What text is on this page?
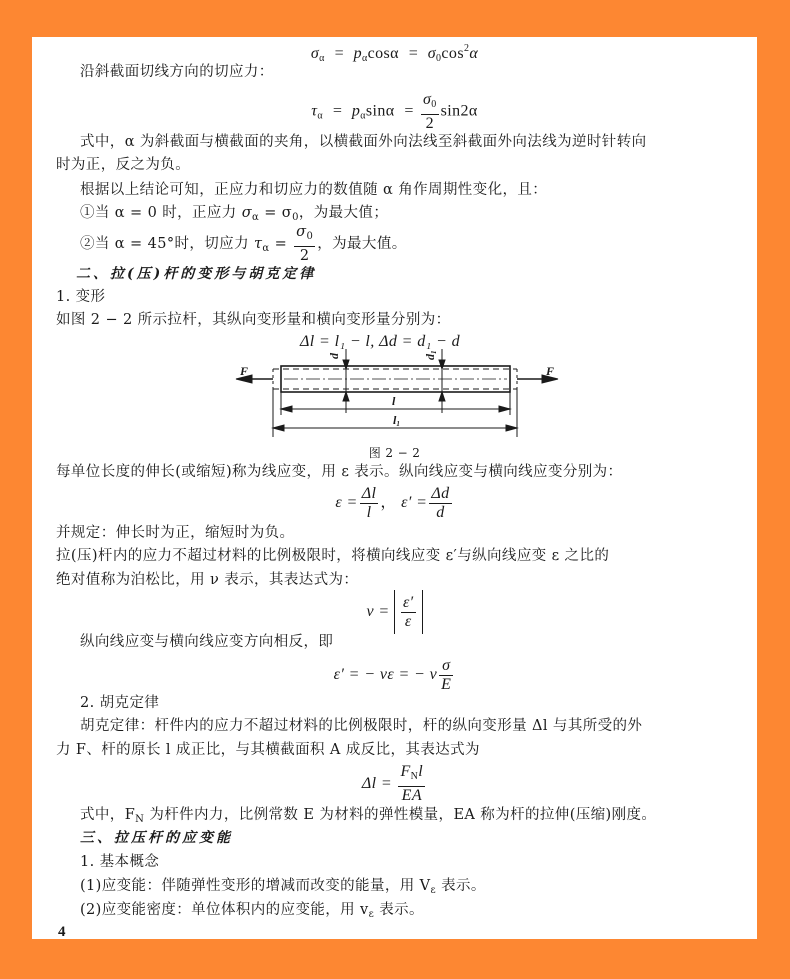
$\sigma_\alpha = p_\alpha\cos\alpha = \sigma_0\cos^2\alpha$
沿斜截面切线方向的切应力：
$\tau_\alpha = p_\alpha\sin\alpha = \frac{\sigma_0}{2} \sin 2\alpha$
式中，α 为斜截面与横截面的夹角，以横截面外向法线至斜截面外向法线为逆时针转向
时为正，反之为负。
根据以上结论可知，正应力和切应力的数值随 α 角作周期性变化，且：
①当 α = 0 时，正应力 $\sigma_\alpha = \sigma_0$，为最大值；
②当 α = 45°时，切应力 $\tau_\alpha = \frac{\sigma_0}{2}$ ，为最大值。
二、拉(压)杆的变形与胡克定律
1. 变形
如图 2 − 2 所示拉杆，其纵向变形量和横向变形量分别为：
Δl = l₁ − l, Δd = d₁ − d
F	F
l
l1
d	d1
图 2 − 2
每单位长度的伸长(或缩短)称为线应变，用 ε 表示。纵向线应变与横向线应变分别为：
$\varepsilon = \frac{\Delta l}{l}$ ， $\varepsilon' = \frac{\Delta d}{d}$
并规定：伸长时为正，缩短时为负。
拉(压)杆内的应力不超过材料的比例极限时，将横向线应变 ε′与纵向线应变 ε 之比的
绝对值称为泊松比，用 ν 表示，其表达式为：
$\nu = \frac{\varepsilon'}{\varepsilon}$
纵向线应变与横向线应变方向相反，即
ε′ = − νε = − ν $\frac{\sigma}{E}$
2. 胡克定律
胡克定律：杆件内的应力不超过材料的比例极限时，杆的纵向变形量 Δl 与其所受的外
力 F、杆的原长 l 成正比，与其横截面积 A 成反比，其表达式为
$\Delta l = \frac{F_Nl}{EA}$
式中，$F_N$ 为杆件内力，比例常数 E 为材料的弹性模量，EA 称为杆的拉伸(压缩)刚度。
三、拉压杆的应变能
1. 基本概念
(1)应变能：伴随弹性变形的增减而改变的能量，用 $V_\varepsilon$ 表示。
(2)应变能密度：单位体积内的应变能，用 $v_\varepsilon$ 表示。
4
